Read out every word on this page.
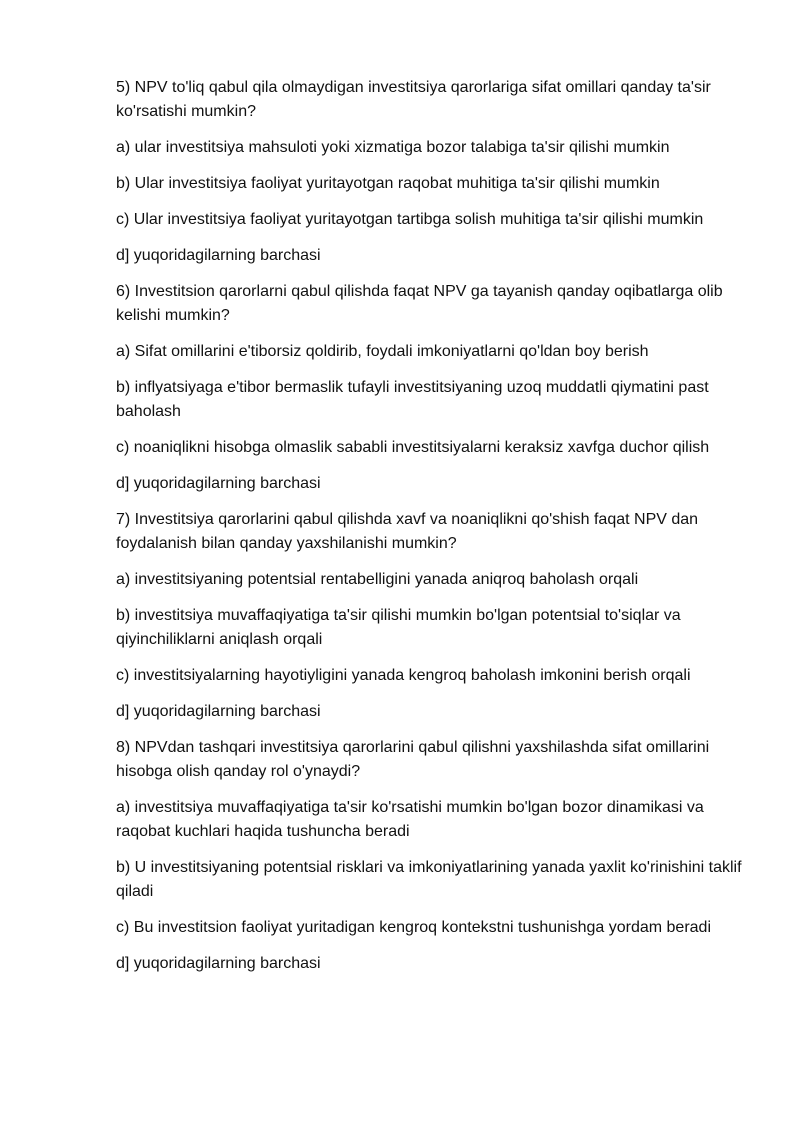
5) NPV to'liq qabul qila olmaydigan investitsiya qarorlariga sifat omillari qanday ta'sir ko'rsatishi mumkin?

a) ular investitsiya mahsuloti yoki xizmatiga bozor talabiga ta'sir qilishi mumkin

b) Ular investitsiya faoliyat yuritayotgan raqobat muhitiga ta'sir qilishi mumkin

c) Ular investitsiya faoliyat yuritayotgan tartibga solish muhitiga ta'sir qilishi mumkin

d] yuqoridagilarning barchasi

6) Investitsion qarorlarni qabul qilishda faqat NPV ga tayanish qanday oqibatlarga olib kelishi mumkin?

a) Sifat omillarini e'tiborsiz qoldirib, foydali imkoniyatlarni qo'ldan boy berish

b) inflyatsiyaga e'tibor bermaslik tufayli investitsiyaning uzoq muddatli qiymatini past baholash

c) noaniqlikni hisobga olmaslik sababli investitsiyalarni keraksiz xavfga duchor qilish

d] yuqoridagilarning barchasi

7) Investitsiya qarorlarini qabul qilishda xavf va noaniqlikni qo'shish faqat NPV dan foydalanish bilan qanday yaxshilanishi mumkin?

a) investitsiyaning potentsial rentabelligini yanada aniqroq baholash orqali

b) investitsiya muvaffaqiyatiga ta'sir qilishi mumkin bo'lgan potentsial to'siqlar va qiyinchiliklarni aniqlash orqali

c) investitsiyalarning hayotiyligini yanada kengroq baholash imkonini berish orqali

d] yuqoridagilarning barchasi

8) NPVdan tashqari investitsiya qarorlarini qabul qilishni yaxshilashda sifat omillarini hisobga olish qanday rol o'ynaydi?

a) investitsiya muvaffaqiyatiga ta'sir ko'rsatishi mumkin bo'lgan bozor dinamikasi va raqobat kuchlari haqida tushuncha beradi

b) U investitsiyaning potentsial risklari va imkoniyatlarining yanada yaxlit ko'rinishini taklif qiladi

c) Bu investitsion faoliyat yuritadigan kengroq kontekstni tushunishga yordam beradi

d] yuqoridagilarning barchasi
